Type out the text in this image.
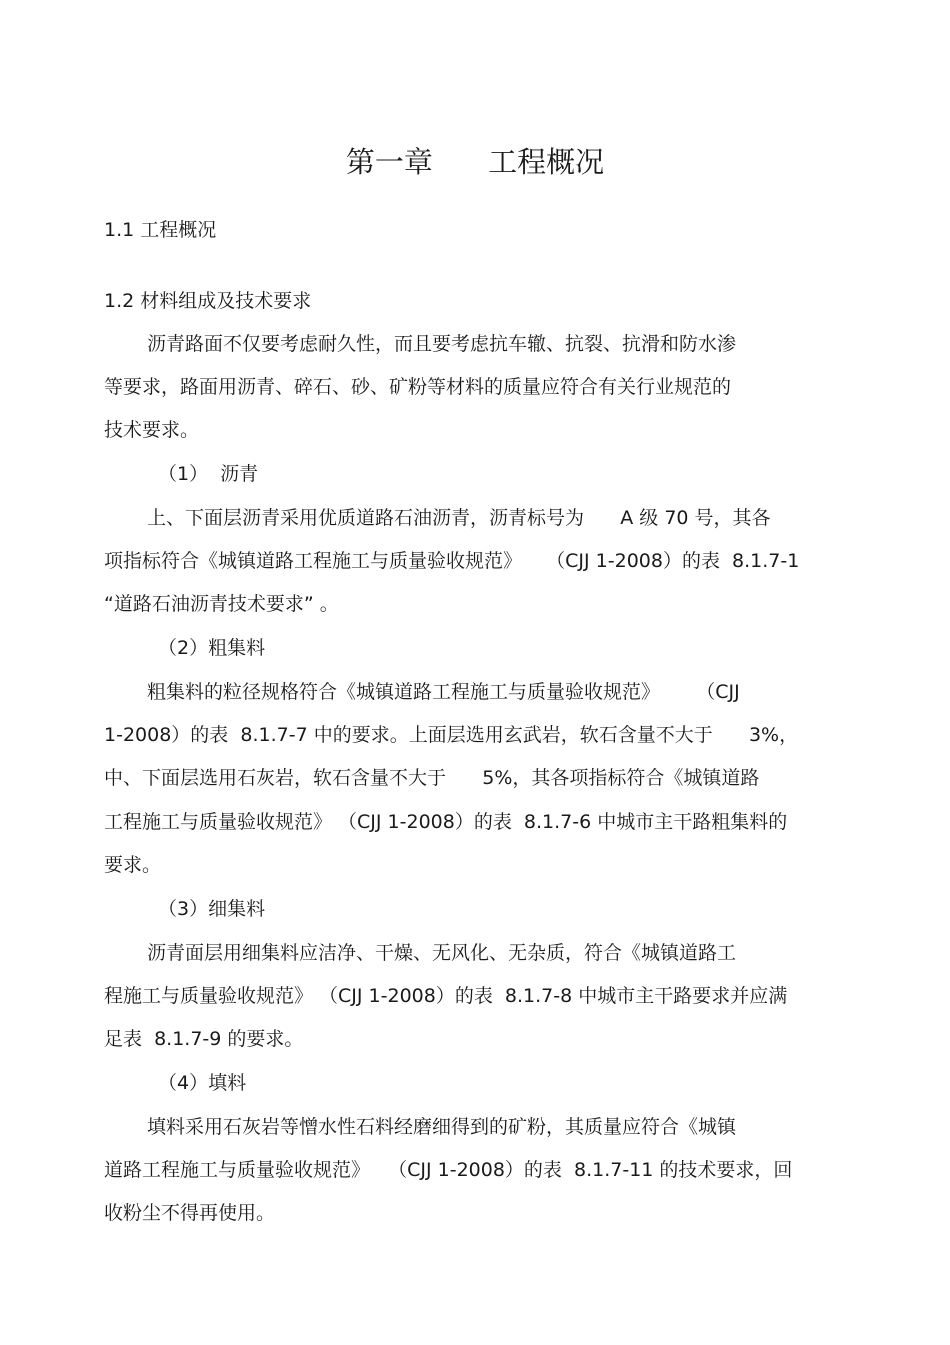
第一章      工程概况

1.1 工程概况

1.2 材料组成及技术要求

沥青路面不仅要考虑耐久性，而且要考虑抗车辙、抗裂、抗滑和防水渗

等要求，路面用沥青、碎石、砂、矿粉等材料的质量应符合有关行业规范的

技术要求。

（1）  沥青

上、下面层沥青采用优质道路石油沥青，沥青标号为      A 级 70 号，其各

项指标符合《城镇道路工程施工与质量验收规范》    （CJJ 1-2008）的表  8.1.7-1

“道路石油沥青技术要求” 。

（2）粗集料

粗集料的粒径规格符合《城镇道路工程施工与质量验收规范》      （CJJ

1-2008）的表  8.1.7-7 中的要求。上面层选用玄武岩，软石含量不大于      3%，

中、下面层选用石灰岩，软石含量不大于      5%，其各项指标符合《城镇道路

工程施工与质量验收规范》 （CJJ 1-2008）的表  8.1.7-6 中城市主干路粗集料的

要求。

（3）细集料

沥青面层用细集料应洁净、干燥、无风化、无杂质，符合《城镇道路工

程施工与质量验收规范》 （CJJ 1-2008）的表  8.1.7-8 中城市主干路要求并应满

足表  8.1.7-9 的要求。

（4）填料

填料采用石灰岩等憎水性石料经磨细得到的矿粉，其质量应符合《城镇

道路工程施工与质量验收规范》   （CJJ 1-2008）的表  8.1.7-11 的技术要求，回

收粉尘不得再使用。
